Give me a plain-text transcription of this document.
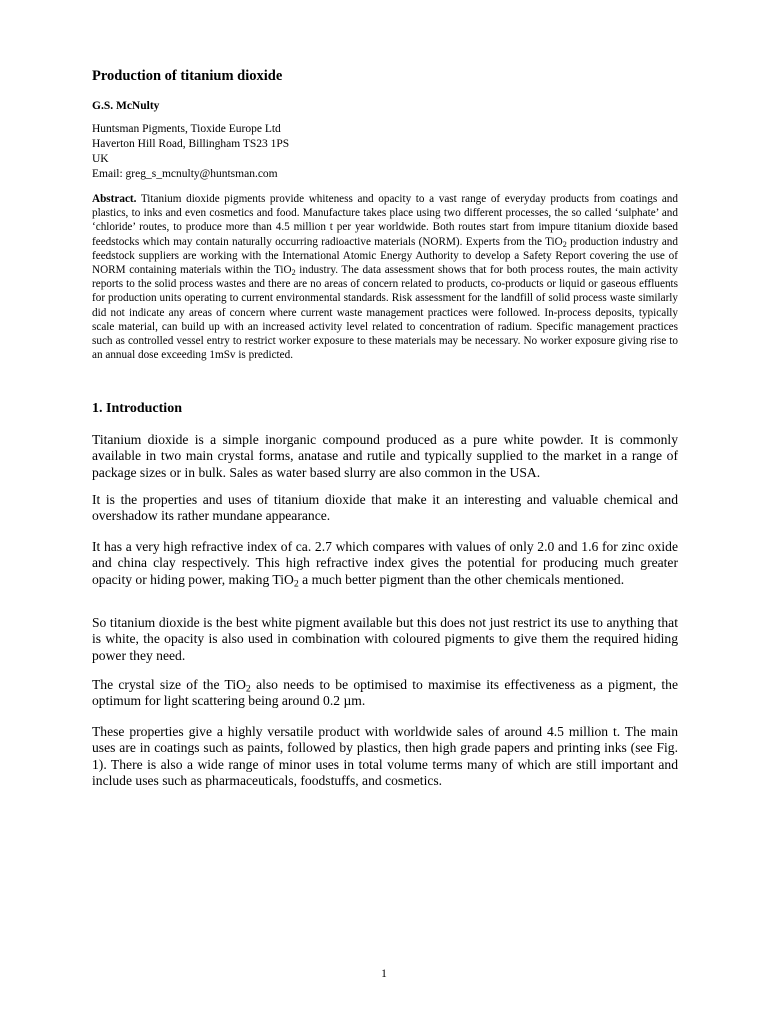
Production of titanium dioxide
G.S. McNulty
Huntsman Pigments, Tioxide Europe Ltd
Haverton Hill Road, Billingham TS23 1PS
UK
Email: greg_s_mcnulty@huntsman.com
Abstract. Titanium dioxide pigments provide whiteness and opacity to a vast range of everyday products from coatings and plastics, to inks and even cosmetics and food. Manufacture takes place using two different processes, the so called ‘sulphate’ and ‘chloride’ routes, to produce more than 4.5 million t per year worldwide. Both routes start from impure titanium dioxide based feedstocks which may contain naturally occurring radioactive materials (NORM). Experts from the TiO$_2$ production industry and feedstock suppliers are working with the International Atomic Energy Authority to develop a Safety Report covering the use of NORM containing materials within the TiO$_2$ industry. The data assessment shows that for both process routes, the main activity reports to the solid process wastes and there are no areas of concern related to products, co-products or liquid or gaseous effluents for production units operating to current environmental standards. Risk assessment for the landfill of solid process waste similarly did not indicate any areas of concern where current waste management practices were followed. In-process deposits, typically scale material, can build up with an increased activity level related to concentration of radium. Specific management practices such as controlled vessel entry to restrict worker exposure to these materials may be necessary. No worker exposure giving rise to an annual dose exceeding 1mSv is predicted.
1. Introduction
Titanium dioxide is a simple inorganic compound produced as a pure white powder. It is commonly available in two main crystal forms, anatase and rutile and typically supplied to the market in a range of package sizes or in bulk. Sales as water based slurry are also common in the USA.
It is the properties and uses of titanium dioxide that make it an interesting and valuable chemical and overshadow its rather mundane appearance.
It has a very high refractive index of ca. 2.7 which compares with values of only 2.0 and 1.6 for zinc oxide and china clay respectively. This high refractive index gives the potential for producing much greater opacity or hiding power, making TiO$_2$ a much better pigment than the other chemicals mentioned.
So titanium dioxide is the best white pigment available but this does not just restrict its use to anything that is white, the opacity is also used in combination with coloured pigments to give them the required hiding power they need.
The crystal size of the TiO$_2$ also needs to be optimised to maximise its effectiveness as a pigment, the optimum for light scattering being around 0.2 µm.
These properties give a highly versatile product with worldwide sales of around 4.5 million t. The main uses are in coatings such as paints, followed by plastics, then high grade papers and printing inks (see Fig. 1). There is also a wide range of minor uses in total volume terms many of which are still important and include uses such as pharmaceuticals, foodstuffs, and cosmetics.
1
